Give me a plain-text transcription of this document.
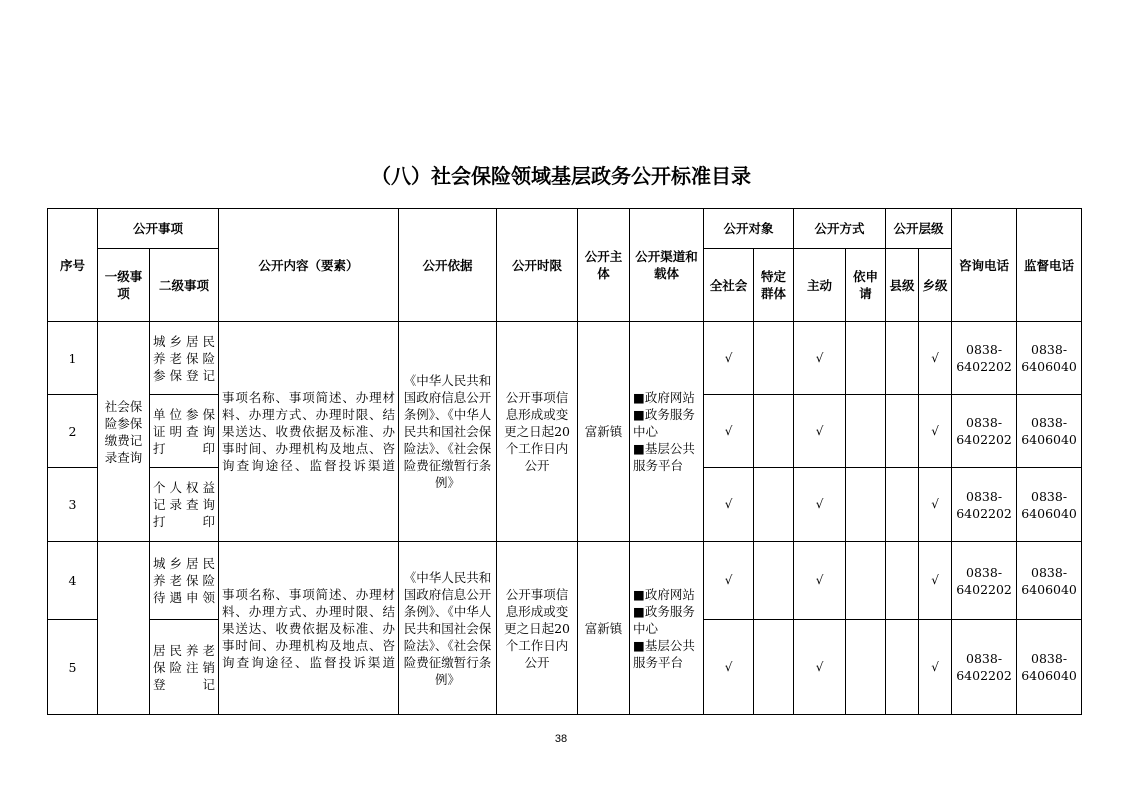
（八）社会保险领域基层政务公开标准目录
序号	公开事项		公开内容（要素）	公开依据	公开时限	公开主体	公开渠道和载体	公开对象		公开方式		公开层级		咨询电话	监督电话
	一级事项	二级事项						全社会	特定群体	主动	依申请	县级	乡级		
1	社会保险参保缴费记录查询	城乡居民养老保险参保登记	事项名称、事项简述、办理材料、办理方式、办理时限、结果送达、收费依据及标准、办事时间、办理机构及地点、咨询查询途径、监督投诉渠道	《中华人民共和国政府信息公开条例》、《中华人民共和国社会保险法》、《社会保险费征缴暂行条例》	公开事项信息形成或变更之日起20个工作日内公开	富新镇	■政府网站
■政务服务中心
■基层公共服务平台	√		√			√	0838-6402202	0838-6406040
2		单位参保证明查询打印						√		√			√	0838-6402202	0838-6406040
3		个人权益记录查询打印						√		√			√	0838-6402202	0838-6406040
4		城乡居民养老保险待遇申领	事项名称、事项简述、办理材料、办理方式、办理时限、结果送达、收费依据及标准、办事时间、办理机构及地点、咨询查询途径、监督投诉渠道	《中华人民共和国政府信息公开条例》、《中华人民共和国社会保险法》、《社会保险费征缴暂行条例》	公开事项信息形成或变更之日起20个工作日内公开	富新镇	■政府网站
■政务服务中心
■基层公共服务平台	√		√			√	0838-6402202	0838-6406040
5		居民养老保险注销登记						√		√			√	0838-6402202	0838-6406040
38
